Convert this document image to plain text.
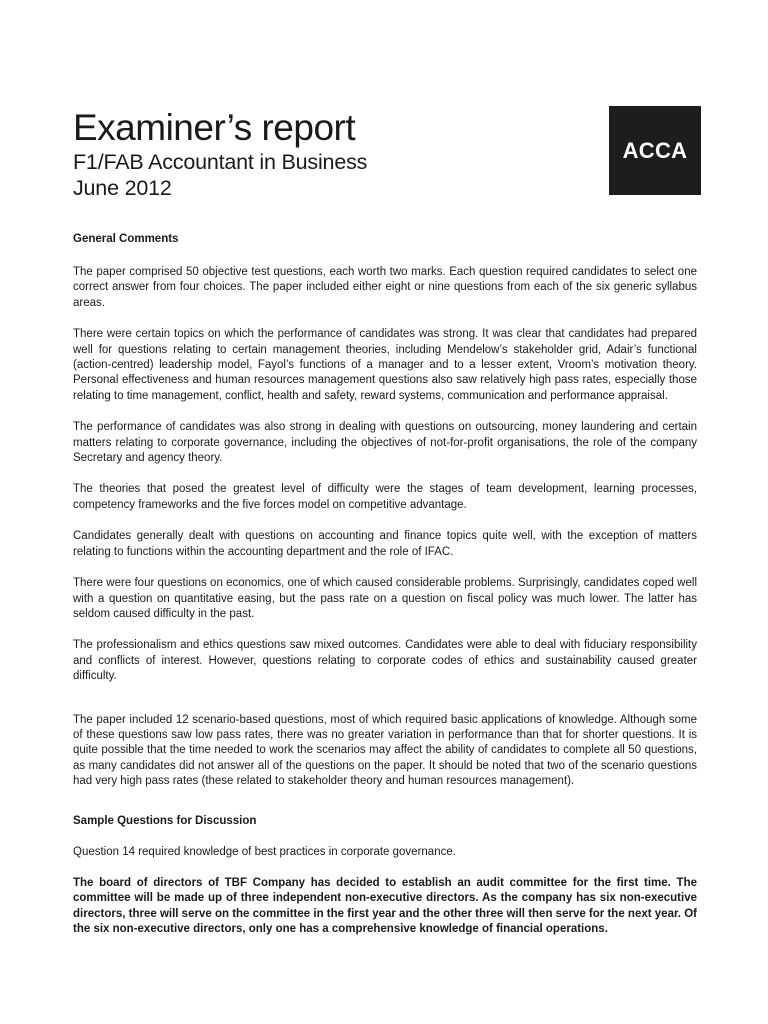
Examiner’s report
F1/FAB Accountant in Business
June 2012
ACCA

General Comments

The paper comprised 50 objective test questions, each worth two marks. Each question required candidates to select one correct answer from four choices. The paper included either eight or nine questions from each of the six generic syllabus areas.

There were certain topics on which the performance of candidates was strong. It was clear that candidates had prepared well for questions relating to certain management theories, including Mendelow’s stakeholder grid, Adair’s functional (action-centred) leadership model, Fayol’s functions of a manager and to a lesser extent, Vroom’s motivation theory. Personal effectiveness and human resources management questions also saw relatively high pass rates, especially those relating to time management, conflict, health and safety, reward systems, communication and performance appraisal.

The performance of candidates was also strong in dealing with questions on outsourcing, money laundering and certain matters relating to corporate governance, including the objectives of not-for-profit organisations, the role of the company Secretary and agency theory.

The theories that posed the greatest level of difficulty were the stages of team development, learning processes, competency frameworks and the five forces model on competitive advantage.

Candidates generally dealt with questions on accounting and finance topics quite well, with the exception of matters relating to functions within the accounting department and the role of IFAC.

There were four questions on economics, one of which caused considerable problems. Surprisingly, candidates coped well with a question on quantitative easing, but the pass rate on a question on fiscal policy was much lower. The latter has seldom caused difficulty in the past.

The professionalism and ethics questions saw mixed outcomes. Candidates were able to deal with fiduciary responsibility and conflicts of interest. However, questions relating to corporate codes of ethics and sustainability caused greater difficulty.

The paper included 12 scenario-based questions, most of which required basic applications of knowledge. Although some of these questions saw low pass rates, there was no greater variation in performance than that for shorter questions. It is quite possible that the time needed to work the scenarios may affect the ability of candidates to complete all 50 questions, as many candidates did not answer all of the questions on the paper. It should be noted that two of the scenario questions had very high pass rates (these related to stakeholder theory and human resources management).

Sample Questions for Discussion

Question 14 required knowledge of best practices in corporate governance.

The board of directors of TBF Company has decided to establish an audit committee for the first time. The committee will be made up of three independent non-executive directors. As the company has six non-executive directors, three will serve on the committee in the first year and the other three will then serve for the next year. Of the six non-executive directors, only one has a comprehensive knowledge of financial operations.
